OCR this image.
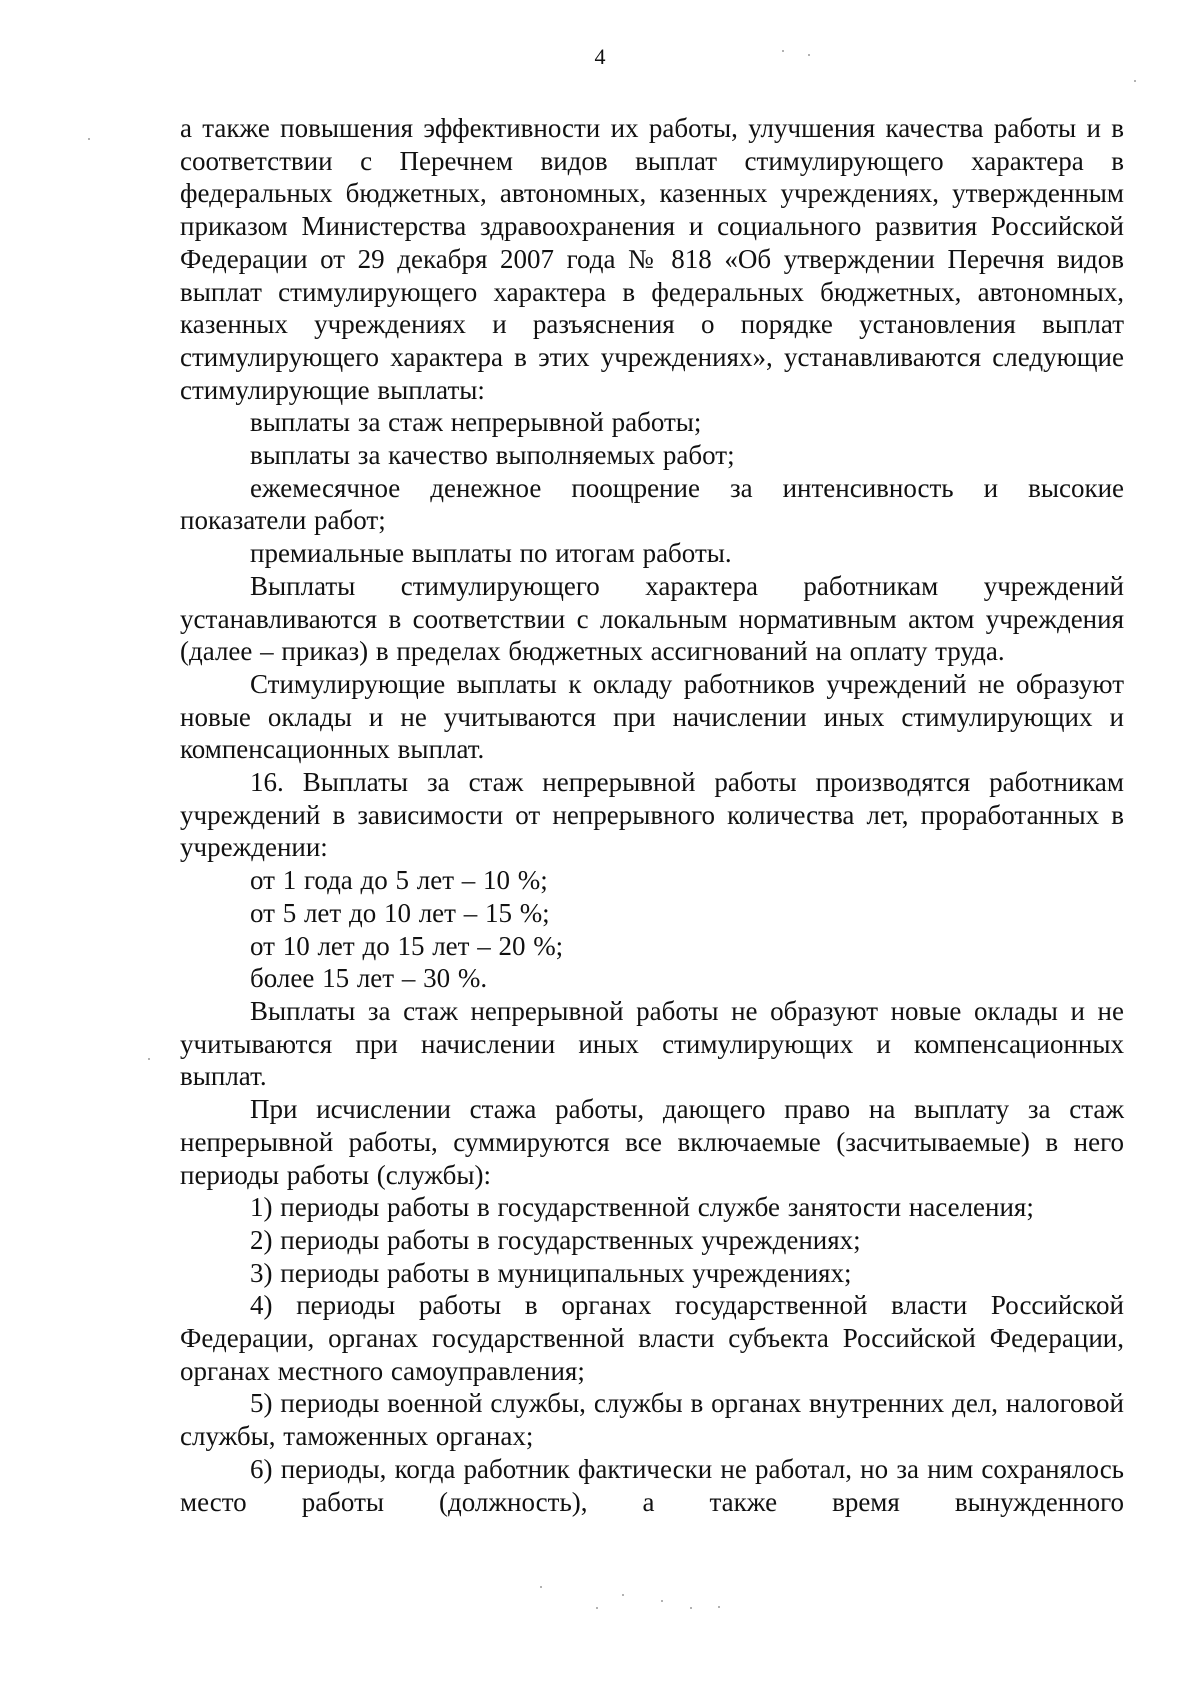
4

а также повышения эффективности их работы, улучшения качества работы и в соответствии с Перечнем видов выплат стимулирующего характера в федеральных бюджетных, автономных, казенных учреждениях, утвержденным приказом Министерства здравоохранения и социального развития Российской Федерации от 29 декабря 2007 года № 818 «Об утверждении Перечня видов выплат стимулирующего характера в федеральных бюджетных, автономных, казенных учреждениях и разъяснения о порядке установления выплат стимулирующего характера в этих учреждениях», устанавливаются следующие стимулирующие выплаты:

выплаты за стаж непрерывной работы;

выплаты за качество выполняемых работ;

ежемесячное денежное поощрение за интенсивность и высокие показатели работ;

премиальные выплаты по итогам работы.

Выплаты стимулирующего характера работникам учреждений устанавливаются в соответствии с локальным нормативным актом учреждения (далее – приказ) в пределах бюджетных ассигнований на оплату труда.

Стимулирующие выплаты к окладу работников учреждений не образуют новые оклады и не учитываются при начислении иных стимулирующих и компенсационных выплат.

16. Выплаты за стаж непрерывной работы производятся работникам учреждений в зависимости от непрерывного количества лет, проработанных в учреждении:

от 1 года до 5 лет – 10 %;

от 5 лет до 10 лет – 15 %;

от 10 лет до 15 лет – 20 %;

более 15 лет – 30 %.

Выплаты за стаж непрерывной работы не образуют новые оклады и не учитываются при начислении иных стимулирующих и компенсационных выплат.

При исчислении стажа работы, дающего право на выплату за стаж непрерывной работы, суммируются все включаемые (засчитываемые) в него периоды работы (службы):

1) периоды работы в государственной службе занятости населения;

2) периоды работы в государственных учреждениях;

3) периоды работы в муниципальных учреждениях;

4) периоды работы в органах государственной власти Российской Федерации, органах государственной власти субъекта Российской Федерации, органах местного самоуправления;

5) периоды военной службы, службы в органах внутренних дел, налоговой службы, таможенных органах;

6) периоды, когда работник фактически не работал, но за ним сохранялось место работы (должность), а также время вынужденного
